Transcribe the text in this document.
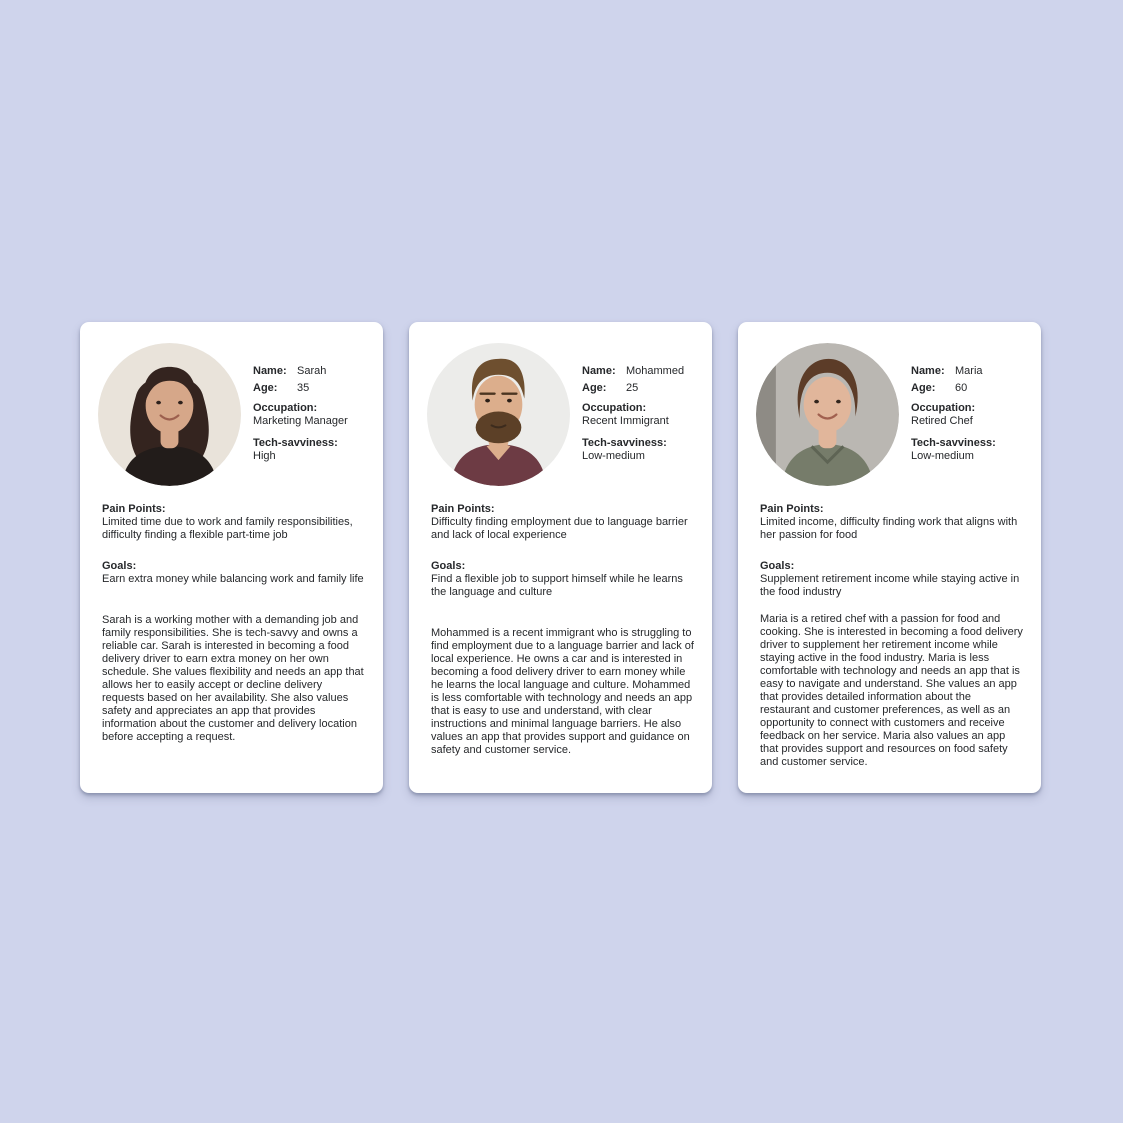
Name: Sarah
Age: 35
Occupation:
Marketing Manager
Tech-savviness:
High
Pain Points:

Limited time due to work and family responsibilities, difficulty finding a flexible part-time job

Goals:

Earn extra money while balancing work and family life

Sarah is a working mother with a demanding job and family responsibilities. She is tech-savvy and owns a reliable car. Sarah is interested in becoming a food delivery driver to earn extra money on her own schedule. She values flexibility and needs an app that allows her to easily accept or decline delivery requests based on her availability. She also values safety and appreciates an app that provides information about the customer and delivery location before accepting a request.

Name: Mohammed
Age: 25
Occupation:
Recent Immigrant
Tech-savviness:
Low-medium
Pain Points:

Difficulty finding employment due to language barrier and lack of local experience

Goals:

Find a flexible job to support himself while he learns the language and culture

Mohammed is a recent immigrant who is struggling to find employment due to a language barrier and lack of local experience. He owns a car and is interested in becoming a food delivery driver to earn money while he learns the local language and culture. Mohammed is less comfortable with technology and needs an app that is easy to use and understand, with clear instructions and minimal language barriers. He also values an app that provides support and guidance on safety and customer service.

Name: Maria
Age: 60
Occupation:
Retired Chef
Tech-savviness:
Low-medium
Pain Points:

Limited income, difficulty finding work that aligns with her passion for food

Goals:

Supplement retirement income while staying active in the food industry

Maria is a retired chef with a passion for food and cooking. She is interested in becoming a food delivery driver to supplement her retirement income while staying active in the food industry. Maria is less comfortable with technology and needs an app that is easy to navigate and understand. She values an app that provides detailed information about the restaurant and customer preferences, as well as an opportunity to connect with customers and receive feedback on her service. Maria also values an app that provides support and resources on food safety and customer service.
